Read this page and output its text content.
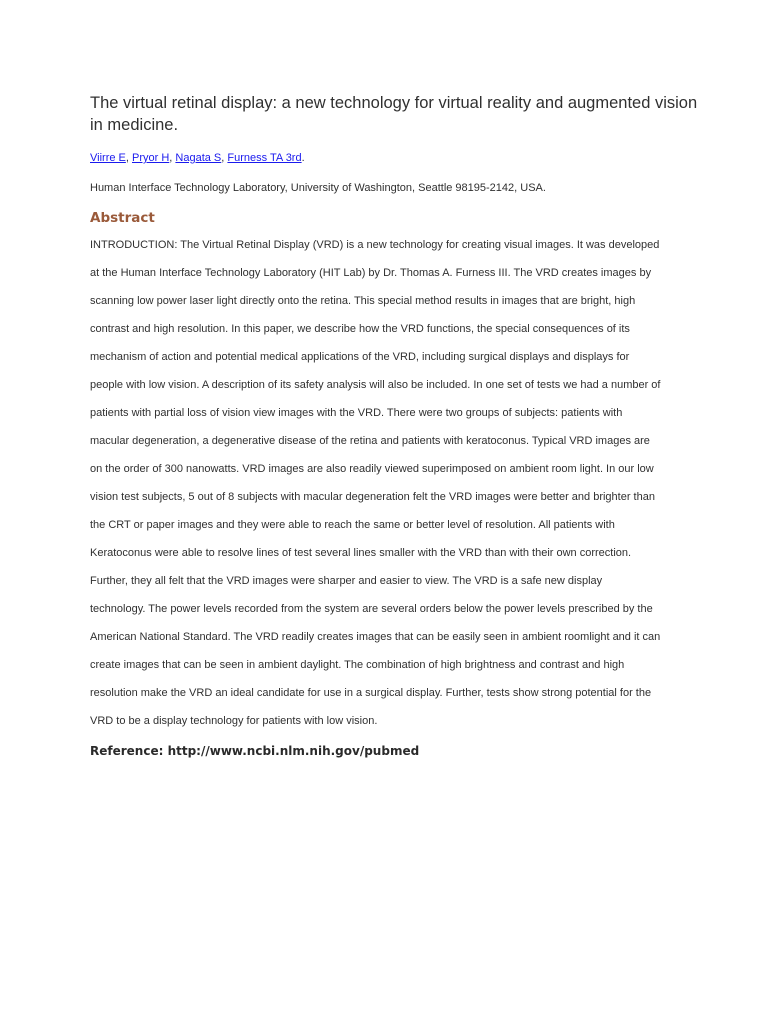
The virtual retinal display: a new technology for virtual reality and augmented vision in medicine.
Viirre E, Pryor H, Nagata S, Furness TA 3rd.
Human Interface Technology Laboratory, University of Washington, Seattle 98195-2142, USA.
Abstract
INTRODUCTION: The Virtual Retinal Display (VRD) is a new technology for creating visual images. It was developed
at the Human Interface Technology Laboratory (HIT Lab) by Dr. Thomas A. Furness III. The VRD creates images by
scanning low power laser light directly onto the retina. This special method results in images that are bright, high
contrast and high resolution. In this paper, we describe how the VRD functions, the special consequences of its
mechanism of action and potential medical applications of the VRD, including surgical displays and displays for
people with low vision. A description of its safety analysis will also be included. In one set of tests we had a number of
patients with partial loss of vision view images with the VRD. There were two groups of subjects: patients with
macular degeneration, a degenerative disease of the retina and patients with keratoconus. Typical VRD images are
on the order of 300 nanowatts. VRD images are also readily viewed superimposed on ambient room light. In our low
vision test subjects, 5 out of 8 subjects with macular degeneration felt the VRD images were better and brighter than
the CRT or paper images and they were able to reach the same or better level of resolution. All patients with
Keratoconus were able to resolve lines of test several lines smaller with the VRD than with their own correction.
Further, they all felt that the VRD images were sharper and easier to view. The VRD is a safe new display
technology. The power levels recorded from the system are several orders below the power levels prescribed by the
American National Standard. The VRD readily creates images that can be easily seen in ambient roomlight and it can
create images that can be seen in ambient daylight. The combination of high brightness and contrast and high
resolution make the VRD an ideal candidate for use in a surgical display. Further, tests show strong potential for the
VRD to be a display technology for patients with low vision.
Reference: http://www.ncbi.nlm.nih.gov/pubmed
